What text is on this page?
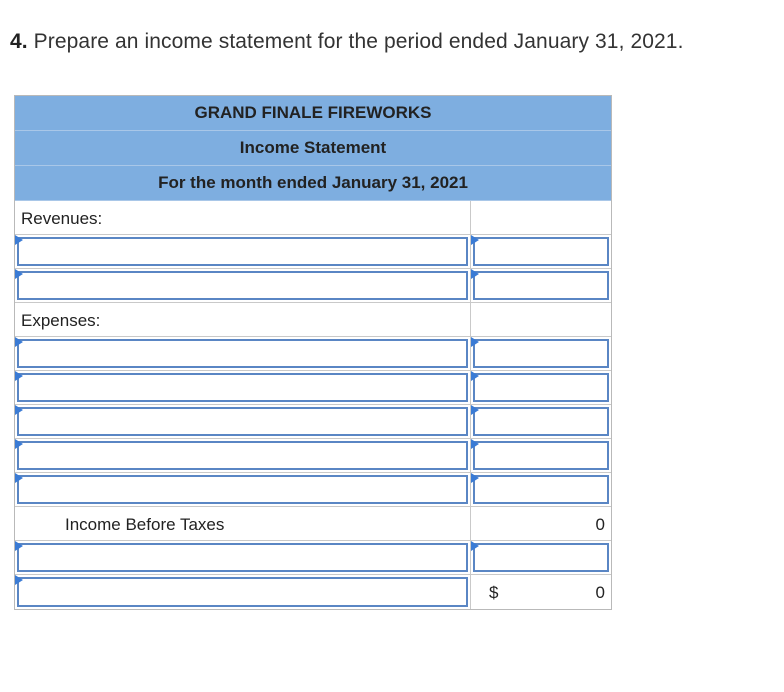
4. Prepare an income statement for the period ended January 31, 2021.
GRAND FINALE FIREWORKS
Income Statement
For the month ended January 31, 2021
Revenues:
Expenses:
Income Before Taxes	0
$	0
